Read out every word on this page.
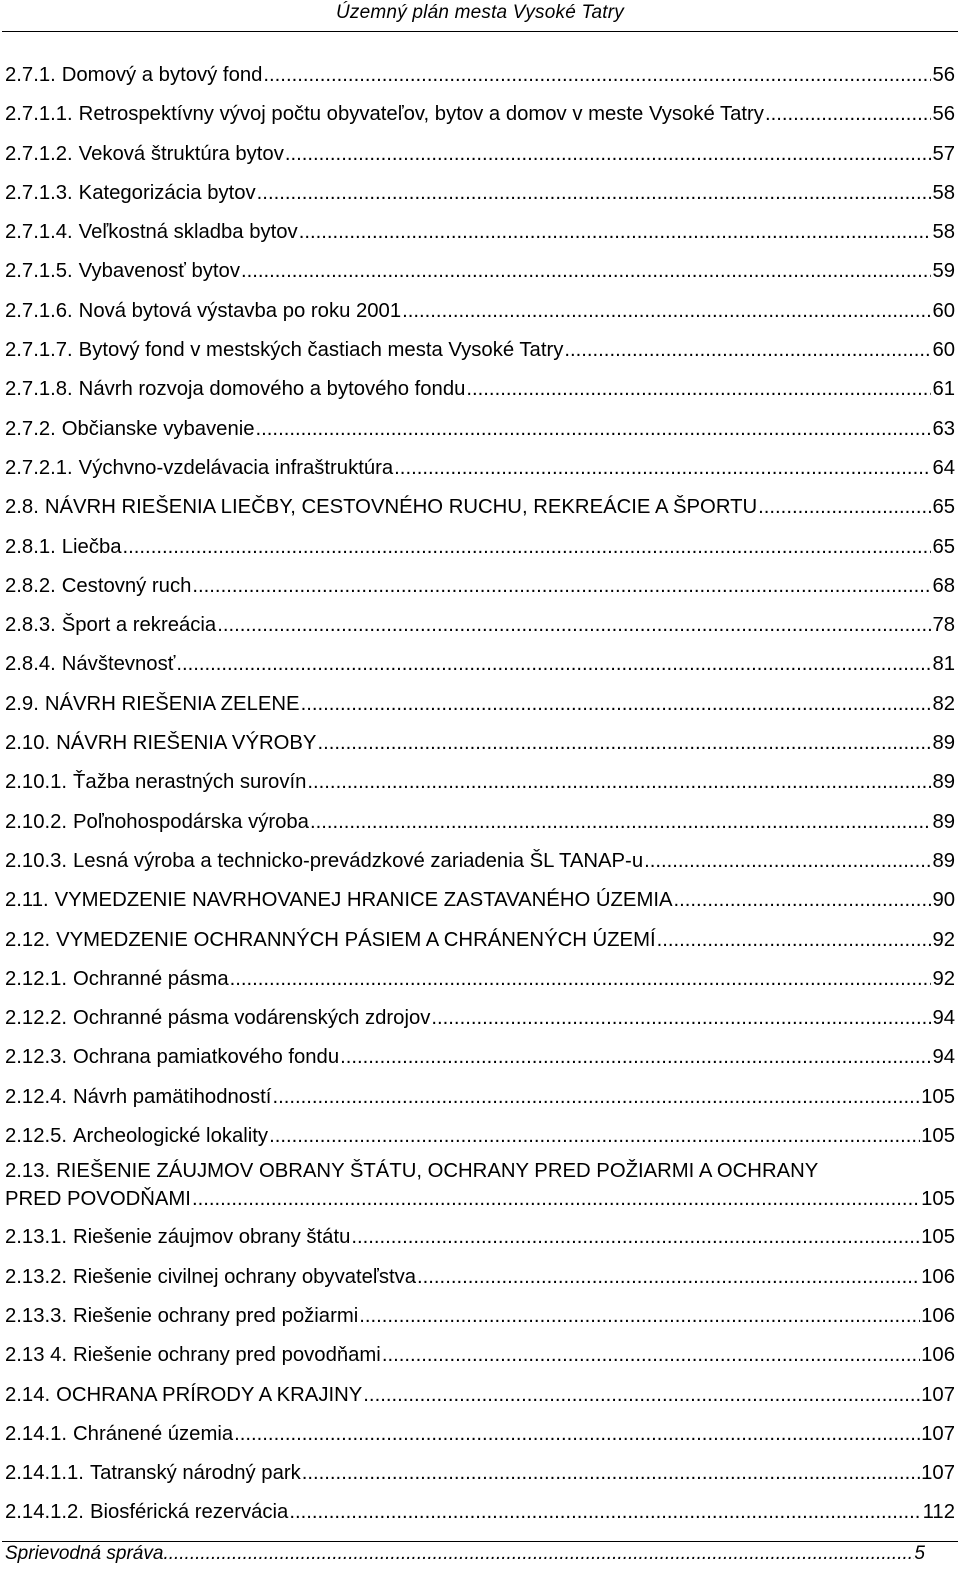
Územný plán mesta Vysoké Tatry
2.7.1. Domový a bytový fond .....	56
2.7.1.1. Retrospektívny vývoj počtu obyvateľov, bytov a domov v meste Vysoké Tatry .....	56
2.7.1.2. Veková štruktúra bytov .....	57
2.7.1.3. Kategorizácia bytov .....	58
2.7.1.4. Veľkostná skladba bytov .....	58
2.7.1.5. Vybavenosť bytov .....	59
2.7.1.6. Nová bytová výstavba po roku 2001 .....	60
2.7.1.7. Bytový fond v mestských častiach mesta Vysoké Tatry .....	60
2.7.1.8. Návrh rozvoja domového a bytového fondu .....	61
2.7.2. Občianske vybavenie .....	63
2.7.2.1. Výchvno-vzdelávacia infraštruktúra .....	64
2.8. NÁVRH RIEŠENIA LIEČBY, CESTOVNÉHO RUCHU, REKREÁCIE A ŠPORTU .....	65
2.8.1. Liečba .....	65
2.8.2. Cestovný ruch .....	68
2.8.3. Šport a rekreácia .....	78
2.8.4. Návštevnosť .....	81
2.9. NÁVRH RIEŠENIA ZELENE .....	82
2.10. NÁVRH RIEŠENIA VÝROBY .....	89
2.10.1. Ťažba nerastných surovín .....	89
2.10.2. Poľnohospodárska výroba .....	89
2.10.3. Lesná výroba a technicko-prevádzkové zariadenia ŠL TANAP-u .....	89
2.11. VYMEDZENIE NAVRHOVANEJ HRANICE ZASTAVANÉHO ÚZEMIA .....	90
2.12. VYMEDZENIE OCHRANNÝCH PÁSIEM A CHRÁNENÝCH ÚZEMÍ .....	92
2.12.1. Ochranné pásma .....	92
2.12.2. Ochranné pásma vodárenských zdrojov .....	94
2.12.3. Ochrana pamiatkového fondu .....	94
2.12.4. Návrh pamätihodností .....	105
2.12.5. Archeologické lokality .....	105
2.13. RIEŠENIE ZÁUJMOV OBRANY ŠTÁTU, OCHRANY PRED POŽIARMI A OCHRANY
PRED POVODŇAMI .....	105
2.13.1. Riešenie záujmov obrany štátu .....	105
2.13.2. Riešenie civilnej ochrany obyvateľstva .....	106
2.13.3. Riešenie ochrany pred požiarmi .....	106
2.13 4. Riešenie ochrany pred povodňami .....	106
2.14. OCHRANA PRÍRODY A KRAJINY .....	107
2.14.1. Chránené územia .....	107
2.14.1.1. Tatranský národný park .....	107
2.14.1.2. Biosférická rezervácia .....	112
Sprievodná správa .....	5
